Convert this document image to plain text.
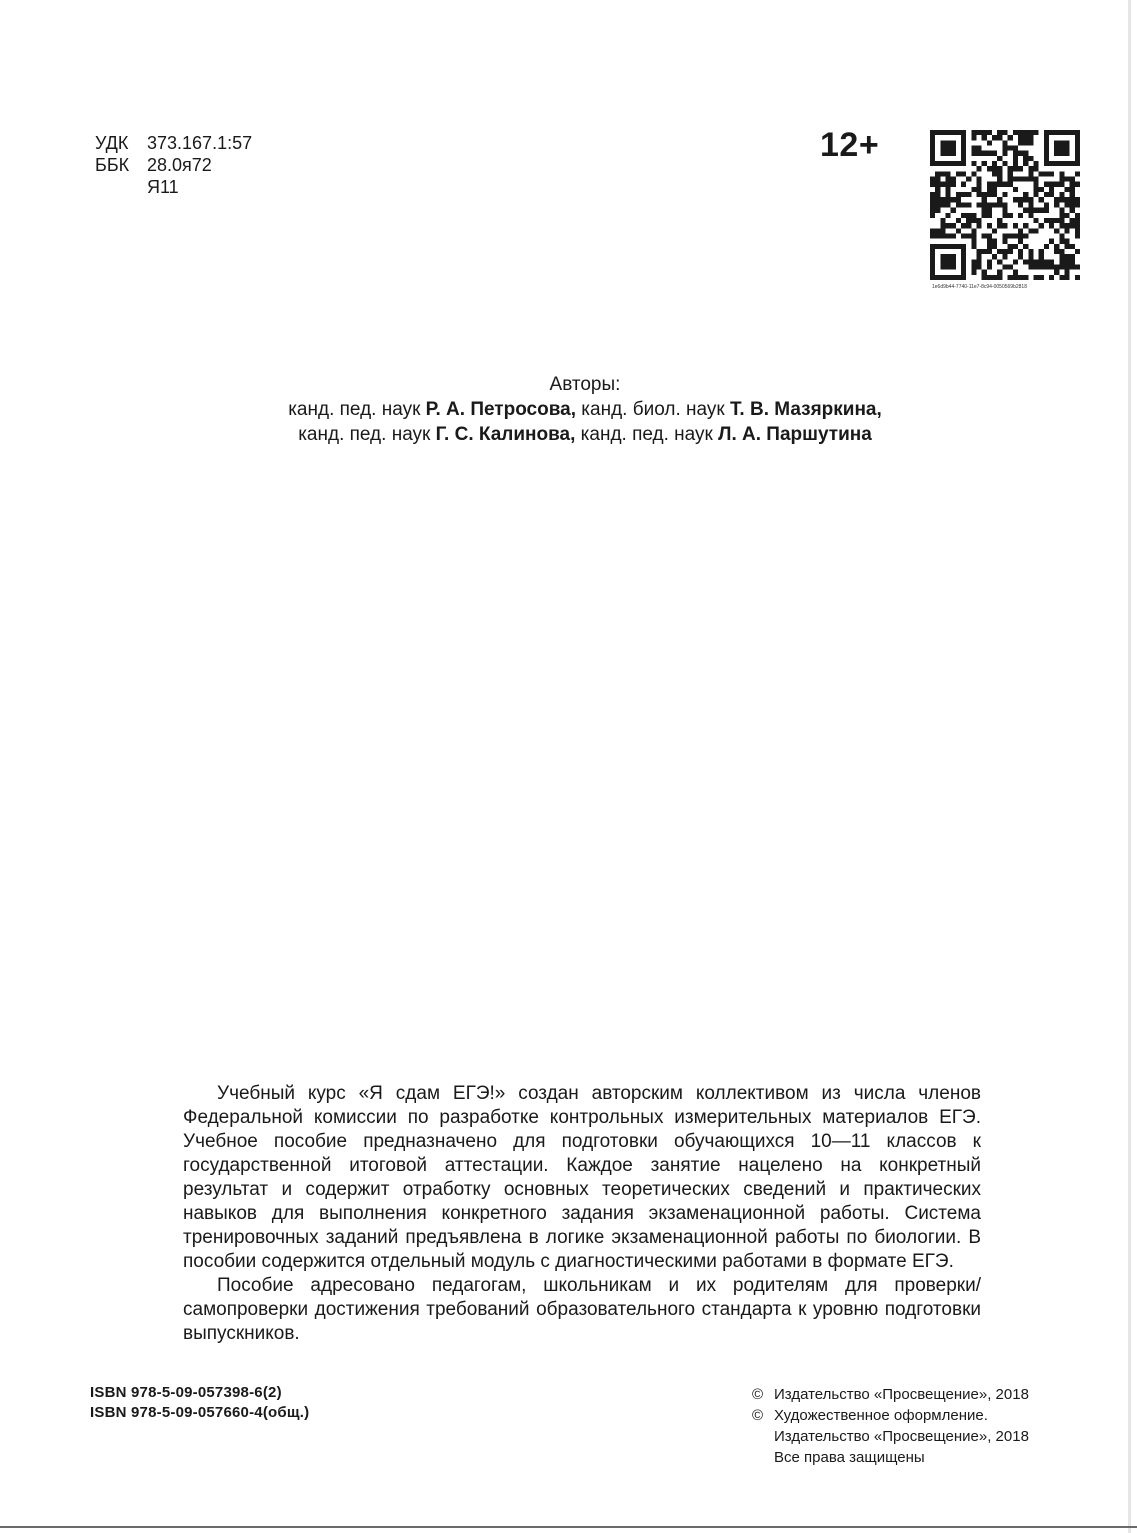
УДК 373.167.1:57
ББК 28.0я72
Я11
12+
1e6d9b44-7740-11e7-8c94-0050569b2818
Авторы:
канд. пед. наук Р. А. Петросова, канд. биол. наук Т. В. Мазяркина,
канд. пед. наук Г. С. Калинова, канд. пед. наук Л. А. Паршутина

Учебный курс «Я сдам ЕГЭ!» создан авторским коллективом из числа членов Федеральной комиссии по разработке контрольных измерительных материалов ЕГЭ. Учебное пособие предназначено для подготовки обучающихся 10—11 классов к государственной итоговой аттестации. Каждое занятие нацелено на конкретный результат и содержит отработку основных теоретических сведений и практических навыков для выполнения конкретного задания экзаменационной работы. Система тренировочных заданий предъявлена в логике экзаменационной работы по биологии. В пособии содержится отдельный модуль с диагностическими работами в формате ЕГЭ.

Пособие адресовано педагогам, школьникам и их родителям для проверки/самопроверки достижения требований образовательного стандарта к уровню подготовки выпускников.

ISBN 978-5-09-057398-6(2)
ISBN 978-5-09-057660-4(общ.)
© Издательство «Просвещение», 2018
© Художественное оформление.
Издательство «Просвещение», 2018
Все права защищены
